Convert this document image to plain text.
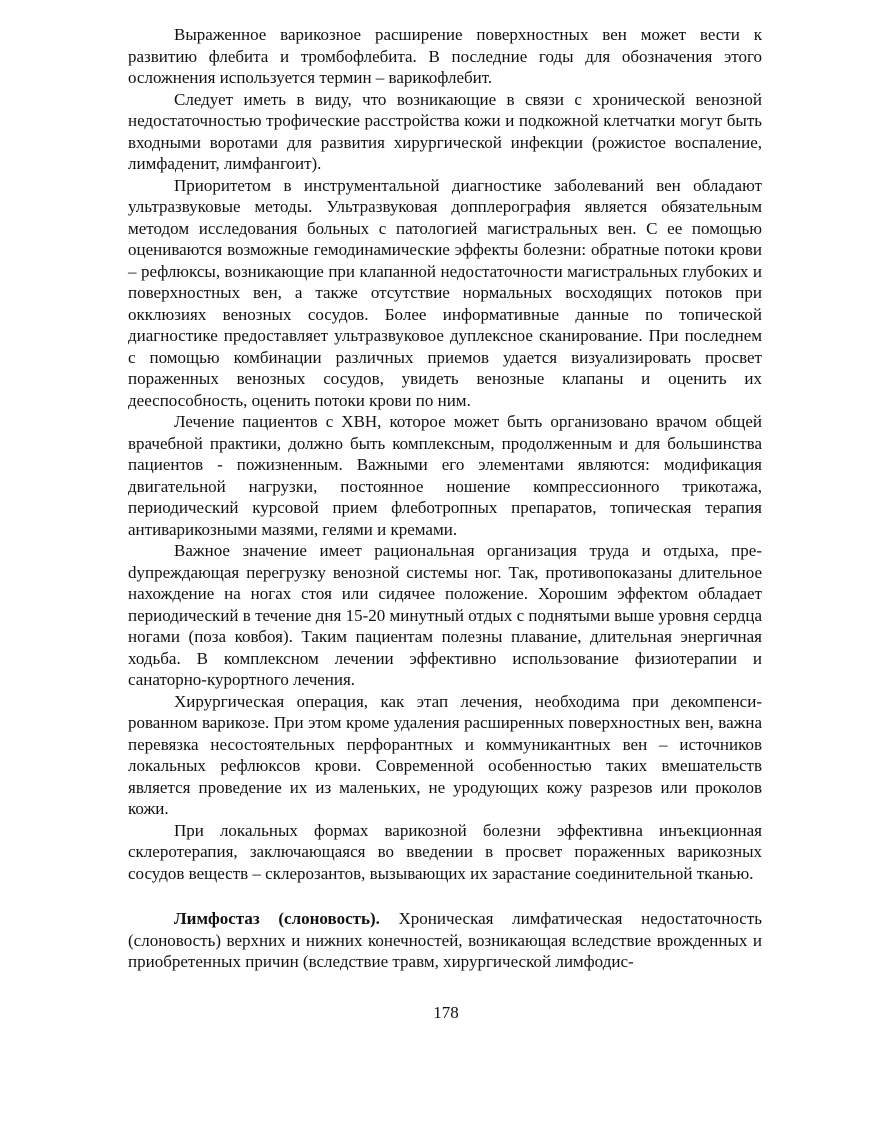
Выраженное варикозное расширение поверхностных вен может вести к развитию флебита и тромбофлебита. В последние годы для обозначения этого осложнения используется термин – варикофлебит.

Следует иметь в виду, что возникающие в связи с хронической венозной недостаточностью трофические расстройства кожи и подкожной клетчатки могут быть входными воротами для развития хирургической инфекции (рожистое воспаление, лимфаденит, лимфангоит).

Приоритетом в инструментальной диагностике заболеваний вен обладают ультразвуковые методы. Ультразвуковая допплерография является обязательным методом исследования больных с патологией магистральных вен. С ее помощью оцениваются возможные гемодинамические эффекты болезни: обратные потоки крови – рефлюксы, возникающие при клапанной недостаточности магистральных глубоких и поверхностных вен, а также отсутствие нормальных восходящих потоков при окклюзиях венозных сосудов. Более информативные данные по топической диагностике предоставляет ультразвуковое дуплексное сканирование. При последнем с помощью комбинации различных приемов удается визуализировать просвет пораженных венозных сосудов, увидеть венозные клапаны и оценить их дееспособность, оценить потоки крови по ним.

Лечение пациентов с ХВН, которое может быть организовано врачом общей врачебной практики, должно быть комплексным, продолженным и для большинства пациентов - пожизненным. Важными его элементами являются: модификация двигательной нагрузки, постоянное ношение компрессионного трикотажа, периодический курсовой прием флеботропных препаратов, топическая терапия антиварикозными мазями, гелями и кремами.

Важное значение имеет рациональная организация труда и отдыха, преdупреждающая перегрузку венозной системы ног. Так, противопоказаны длительное нахождение на ногах стоя или сидячее положение. Хорошим эффектом обладает периодический в течение дня 15-20 минутный отдых с поднятыми выше уровня сердца ногами (поза ковбоя). Таким пациентам полезны плавание, длительная энергичная ходьба. В комплексном лечении эффективно использование физиотерапии и санаторно-курортного лечения.

Хирургическая операция, как этап лечения, необходима при декомпенсированном варикозе. При этом кроме удаления расширенных поверхностных вен, важна перевязка несостоятельных перфорантных и коммуникантных вен – источников локальных рефлюксов крови. Современной особенностью таких вмешательств является проведение их из маленьких, не уродующих кожу разрезов или проколов кожи.

При локальных формах варикозной болезни эффективна инъекционная склеротерапия, заключающаяся во введении в просвет пораженных варикозных сосудов веществ – склерозантов, вызывающих их зарастание соединительной тканью.

Лимфостаз (слоновость). Хроническая лимфатическая недостаточность (слоновость) верхних и нижних конечностей, возникающая вследствие врожденных и приобретенных причин (вследствие травм, хирургической лимфодис-

178
